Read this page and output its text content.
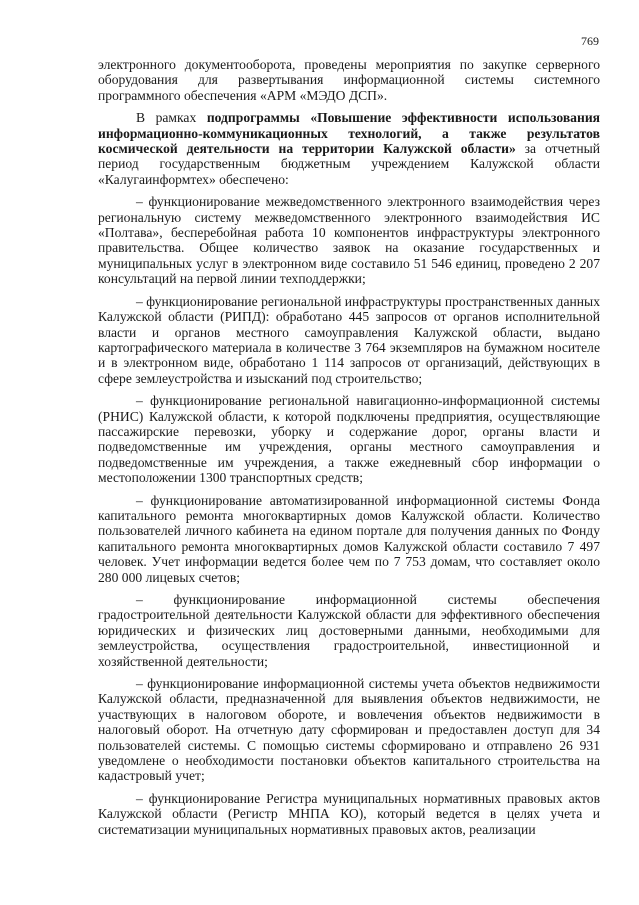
769

электронного документооборота, проведены мероприятия по закупке серверного оборудования для развертывания информационной системы системного программного обеспечения «АРМ «МЭДО ДСП».

В рамках подпрограммы «Повышение эффективности использования информационно-коммуникационных технологий, а также результатов космической деятельности на территории Калужской области» за отчетный период государственным бюджетным учреждением Калужской области «Калугаинформтех» обеспечено:

– функционирование межведомственного электронного взаимодействия через региональную систему межведомственного электронного взаимодействия ИС «Полтава», бесперебойная работа 10 компонентов инфраструктуры электронного правительства. Общее количество заявок на оказание государственных и муниципальных услуг в электронном виде составило 51 546 единиц, проведено 2 207 консультаций на первой линии техподдержки;

– функционирование региональной инфраструктуры пространственных данных Калужской области (РИПД): обработано 445 запросов от органов исполнительной власти и органов местного самоуправления Калужской области, выдано картографического материала в количестве 3 764 экземпляров на бумажном носителе и в электронном виде, обработано 1 114 запросов от организаций, действующих в сфере землеустройства и изысканий под строительство;

– функционирование региональной навигационно-информационной системы (РНИС) Калужской области, к которой подключены предприятия, осуществляющие пассажирские перевозки, уборку и содержание дорог, органы власти и подведомственные им учреждения, органы местного самоуправления и подведомственные им учреждения, а также ежедневный сбор информации о местоположении 1300 транспортных средств;

– функционирование автоматизированной информационной системы Фонда капитального ремонта многоквартирных домов Калужской области. Количество пользователей личного кабинета на едином портале для получения данных по Фонду капитального ремонта многоквартирных домов Калужской области составило 7 497 человек. Учет информации ведется более чем по 7 753 домам, что составляет около 280 000 лицевых счетов;

– функционирование информационной системы обеспечения градостроительной деятельности Калужской области для эффективного обеспечения юридических и физических лиц достоверными данными, необходимыми для землеустройства, осуществления градостроительной, инвестиционной и хозяйственной деятельности;

– функционирование информационной системы учета объектов недвижимости Калужской области, предназначенной для выявления объектов недвижимости, не участвующих в налоговом обороте, и вовлечения объектов недвижимости в налоговый оборот. На отчетную дату сформирован и предоставлен доступ для 34 пользователей системы. С помощью системы сформировано и отправлено 26 931 уведомлене о необходимости постановки объектов капитального строительства на кадастровый учет;

– функционирование Регистра муниципальных нормативных правовых актов Калужской области (Регистр МНПА КО), который ведется в целях учета и систематизации муниципальных нормативных правовых актов, реализации
